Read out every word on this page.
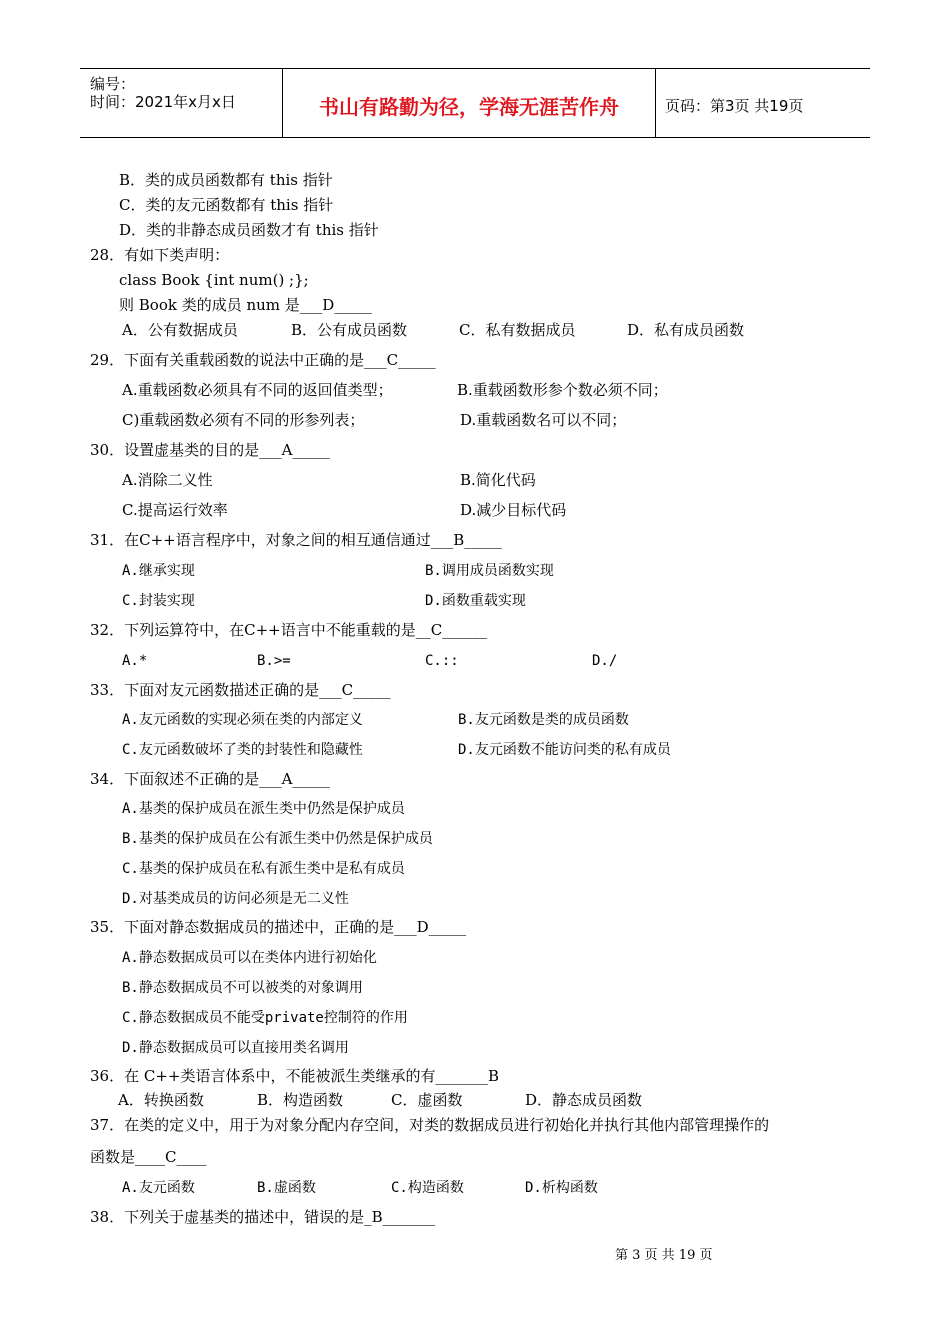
编号：
时间：2021年x月x日	书山有路勤为径，学海无涯苦作舟	页码：第3页 共19页
B．类的成员函数都有 this 指针
C．类的友元函数都有 this 指针
D．类的非静态成员函数才有 this 指针
28．有如下类声明：
class Book {int num() ;};
则 Book 类的成员 num 是___D_____
A．公有数据成员	B．公有成员函数	C．私有数据成员	D．私有成员函数
29．下面有关重载函数的说法中正确的是___C_____
A.重载函数必须具有不同的返回值类型；	B.重载函数形参个数必须不同；
C)重载函数必须有不同的形参列表；	D.重载函数名可以不同；
30．设置虚基类的目的是___A_____
A.消除二义性	B.简化代码
C.提高运行效率	D.减少目标代码
31．在C++语言程序中，对象之间的相互通信通过___B_____
A.继承实现	B.调用成员函数实现
C.封装实现	D.函数重载实现
32．下列运算符中，在C++语言中不能重载的是__C______
A.*	B.>=	C.::	D./
33．下面对友元函数描述正确的是___C_____
A.友元函数的实现必须在类的内部定义	B.友元函数是类的成员函数
C.友元函数破坏了类的封装性和隐藏性	D.友元函数不能访问类的私有成员
34．下面叙述不正确的是___A_____
A.基类的保护成员在派生类中仍然是保护成员
B.基类的保护成员在公有派生类中仍然是保护成员
C.基类的保护成员在私有派生类中是私有成员
D.对基类成员的访问必须是无二义性
35．下面对静态数据成员的描述中，正确的是___D_____
A.静态数据成员可以在类体内进行初始化
B.静态数据成员不可以被类的对象调用
C.静态数据成员不能受private控制符的作用
D.静态数据成员可以直接用类名调用
36．在 C++类语言体系中，不能被派生类继承的有_______B
A．转换函数	B．构造函数	C．虚函数	D．静态成员函数
37．在类的定义中，用于为对象分配内存空间，对类的数据成员进行初始化并执行其他内部管理操作的
函数是____C____
A.友元函数	B.虚函数	C.构造函数	D.析构函数
38．下列关于虚基类的描述中，错误的是_B_______
第 3 页 共 19 页
